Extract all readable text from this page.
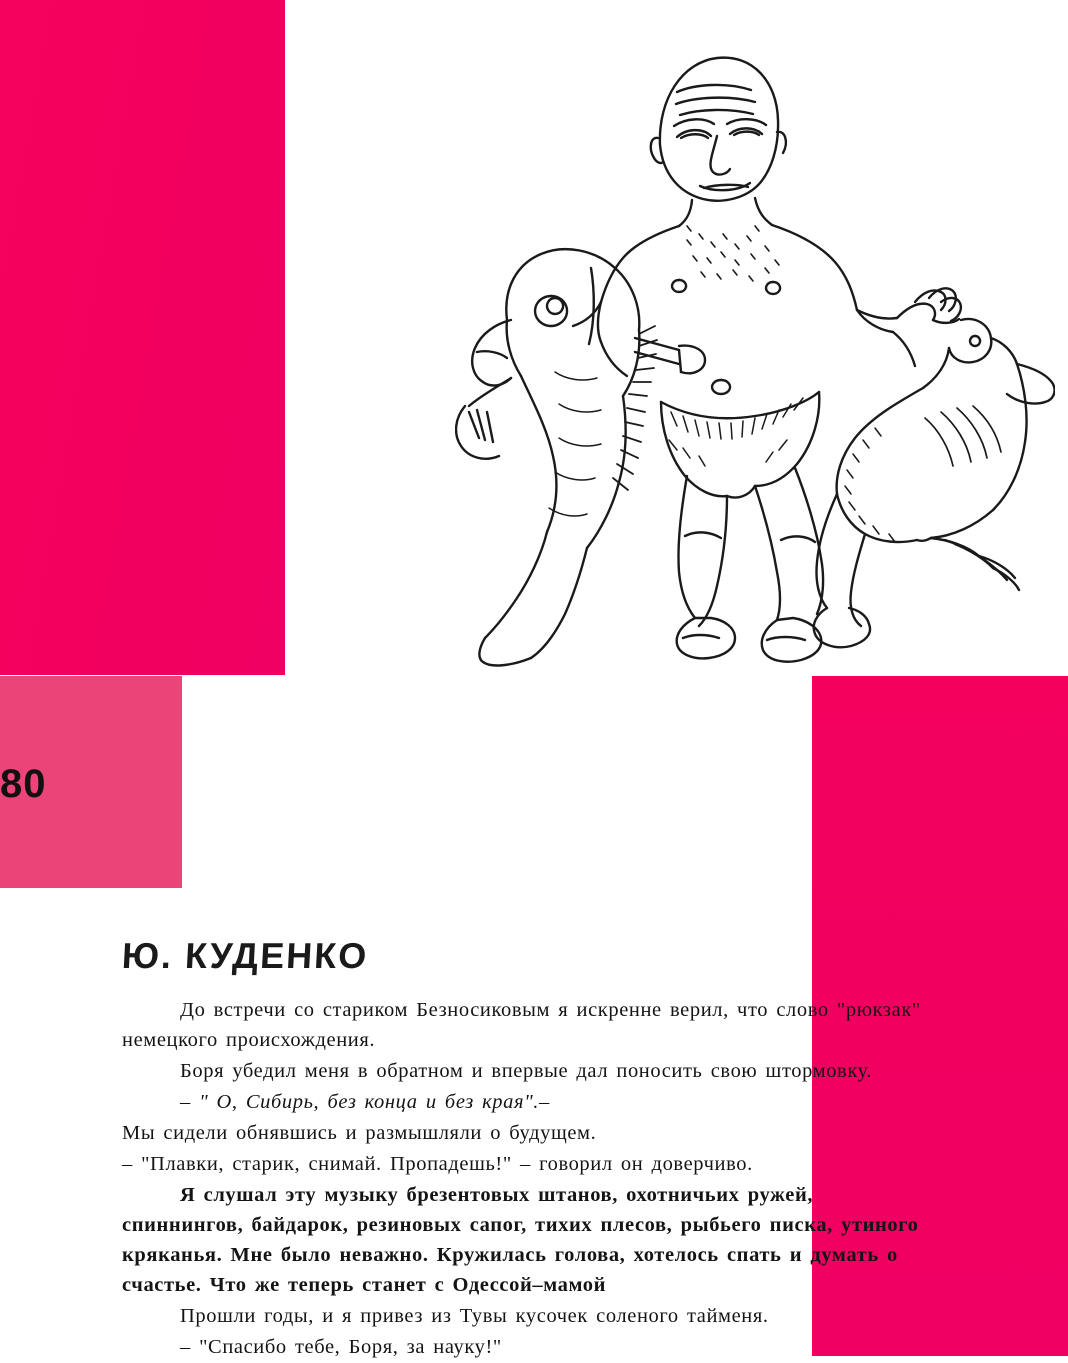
80
Ю. КУДЕНКО

До встречи со стариком Безносиковым я искренне верил, что слово "рюкзак" немецкого происхождения.

Боря убедил меня в обратном и впервые дал поносить свою штормовку.

– " О, Сибирь, без конца и без края".–

Мы сидели обнявшись и размышляли о будущем.

– "Плавки, старик, снимай. Пропадешь!" – говорил он доверчиво.

Я слушал эту музыку брезентовых штанов, охотничьих ружей, спиннингов, байдарок, резиновых сапог, тихих плесов, рыбьего писка, утиного кряканья. Мне было неважно. Кружилась голова, хотелось спать и думать о счастье. Что же теперь станет с Одессой–мамой

Прошли годы, и я привез из Тувы кусочек соленого тайменя.

– "Спасибо тебе, Боря, за науку!"
